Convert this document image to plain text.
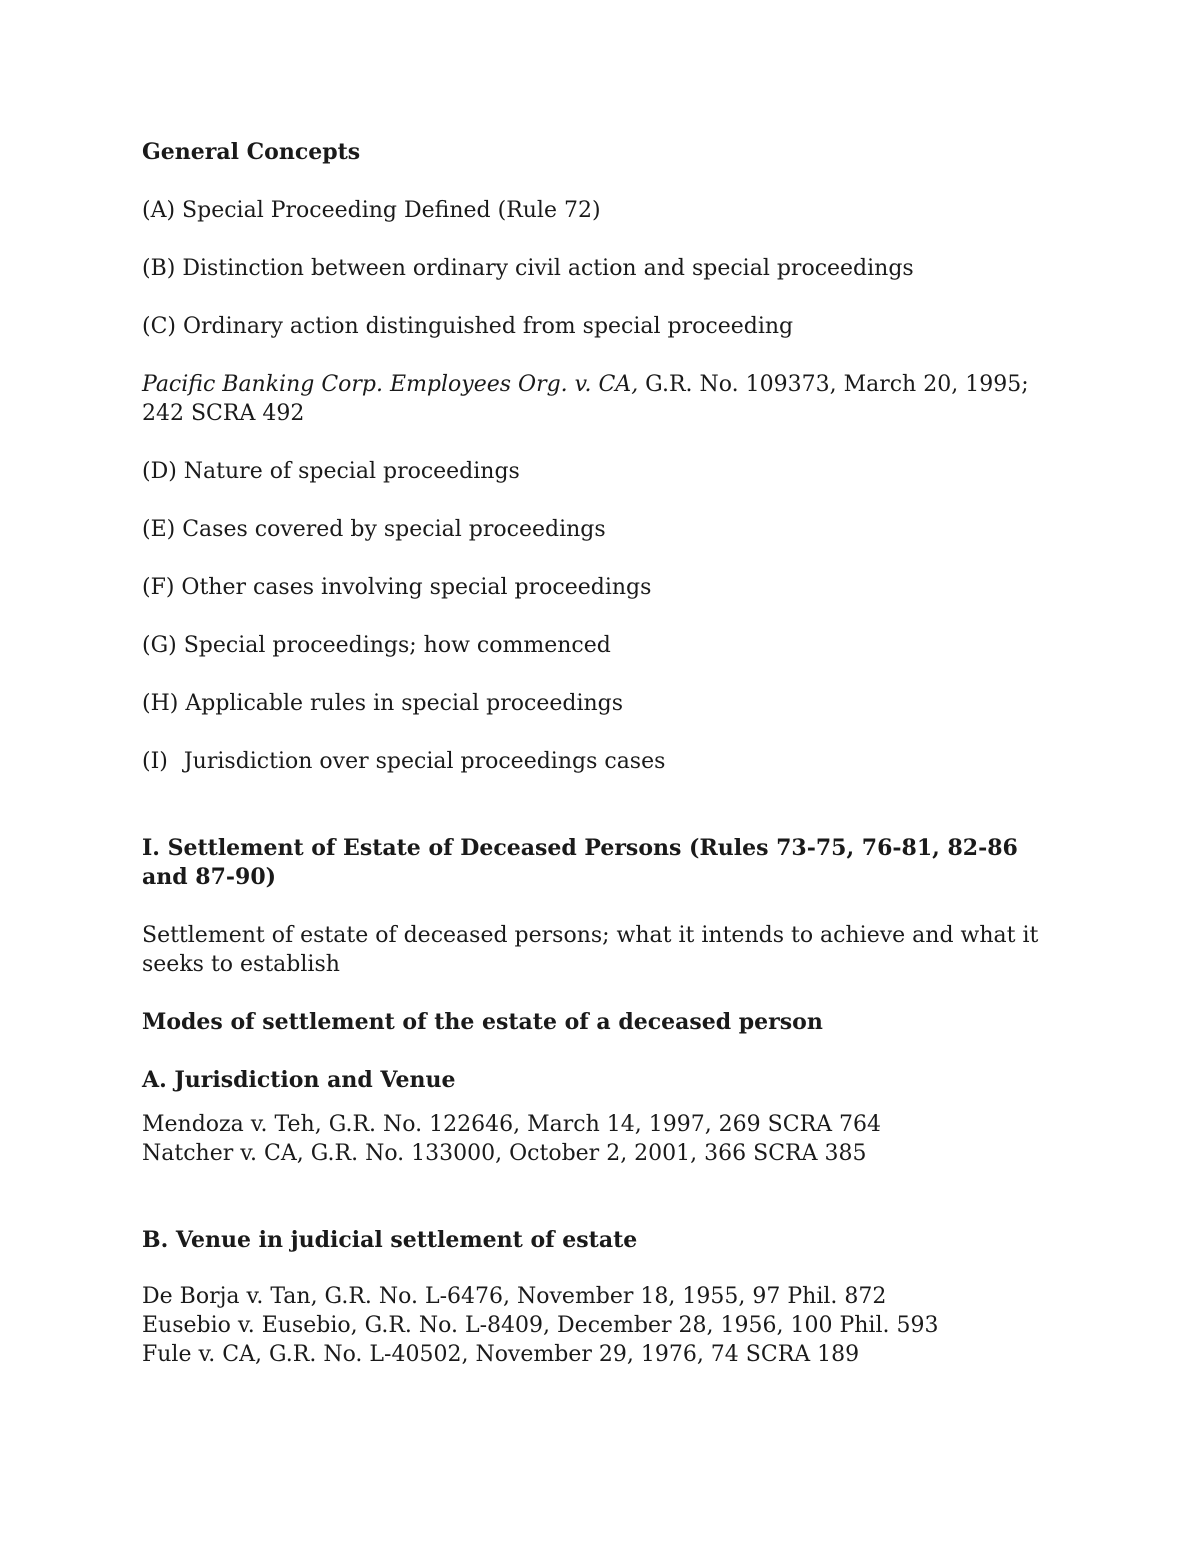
General Concepts

(A) Special Proceeding Defined (Rule 72)

(B) Distinction between ordinary civil action and special proceedings

(C) Ordinary action distinguished from special proceeding

Pacific Banking Corp. Employees Org. v. CA, G.R. No. 109373, March 20, 1995; 242 SCRA 492

(D) Nature of special proceedings

(E) Cases covered by special proceedings

(F) Other cases involving special proceedings

(G) Special proceedings; how commenced

(H) Applicable rules in special proceedings

(I) Jurisdiction over special proceedings cases

I. Settlement of Estate of Deceased Persons (Rules 73-75, 76-81, 82-86 and 87-90)

Settlement of estate of deceased persons; what it intends to achieve and what it seeks to establish

Modes of settlement of the estate of a deceased person

A. Jurisdiction and Venue

Mendoza v. Teh, G.R. No. 122646, March 14, 1997, 269 SCRA 764

Natcher v. CA, G.R. No. 133000, October 2, 2001, 366 SCRA 385

B. Venue in judicial settlement of estate

De Borja v. Tan, G.R. No. L-6476, November 18, 1955, 97 Phil. 872

Eusebio v. Eusebio, G.R. No. L-8409, December 28, 1956, 100 Phil. 593

Fule v. CA, G.R. No. L-40502, November 29, 1976, 74 SCRA 189
